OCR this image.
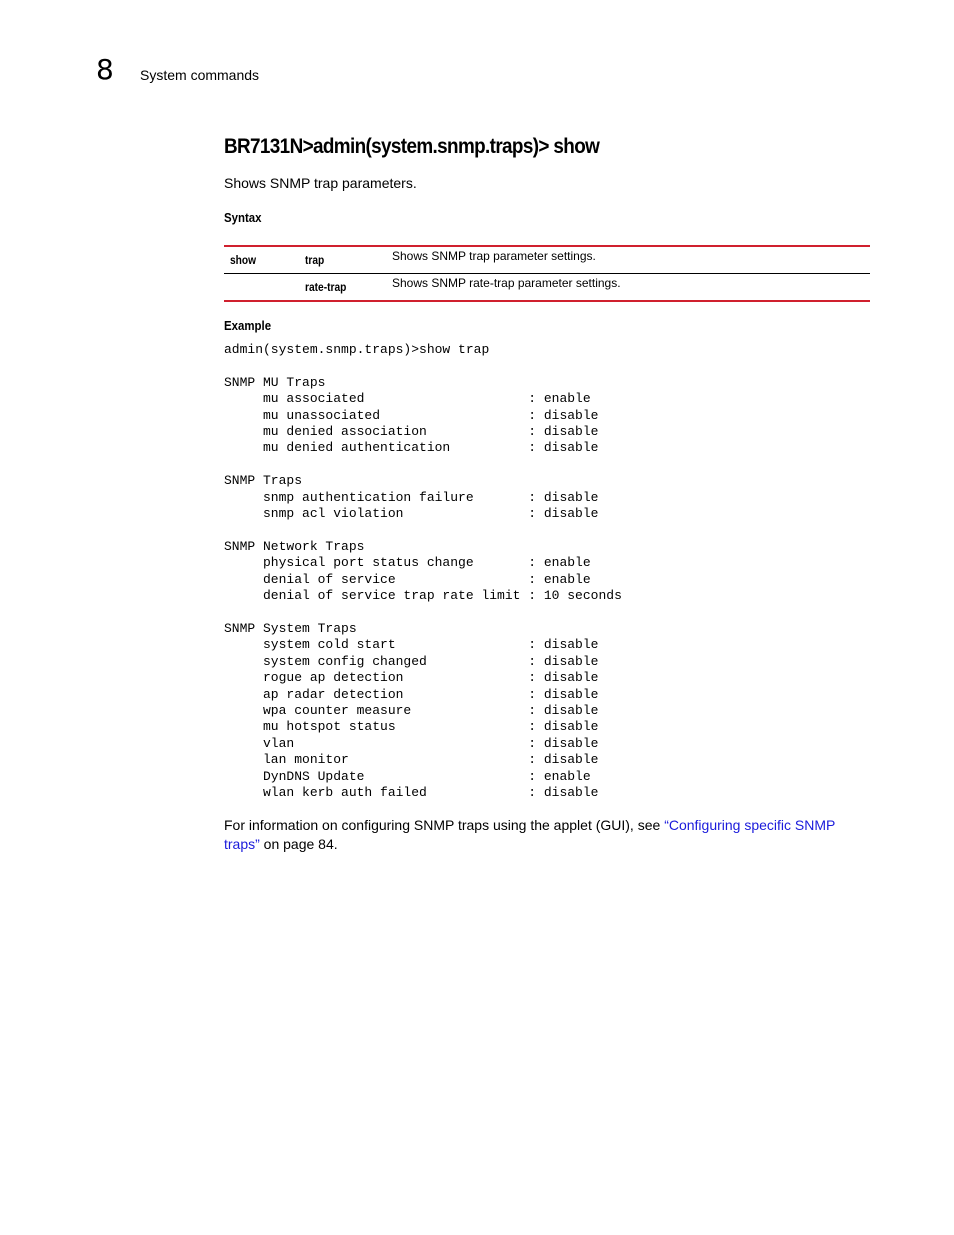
8 System commands
BR7131N>admin(system.snmp.traps)> show
Shows SNMP trap parameters.
Syntax
show	trap	Shows SNMP trap parameter settings.
	rate-trap	Shows SNMP rate-trap parameter settings.
Example
admin(system.snmp.traps)>show trap

SNMP MU Traps
mu associated                     : enable
mu unassociated                   : disable
mu denied association             : disable
mu denied authentication          : disable

SNMP Traps
snmp authentication failure       : disable
snmp acl violation                : disable

SNMP Network Traps
physical port status change       : enable
denial of service                 : enable
denial of service trap rate limit : 10 seconds

SNMP System Traps
system cold start                 : disable
system config changed             : disable
rogue ap detection                : disable
ap radar detection                : disable
wpa counter measure               : disable
mu hotspot status                 : disable
vlan                              : disable
lan monitor                       : disable
DynDNS Update                     : enable
wlan kerb auth failed             : disable
For information on configuring SNMP traps using the applet (GUI), see “Configuring specific SNMP traps” on page 84.
